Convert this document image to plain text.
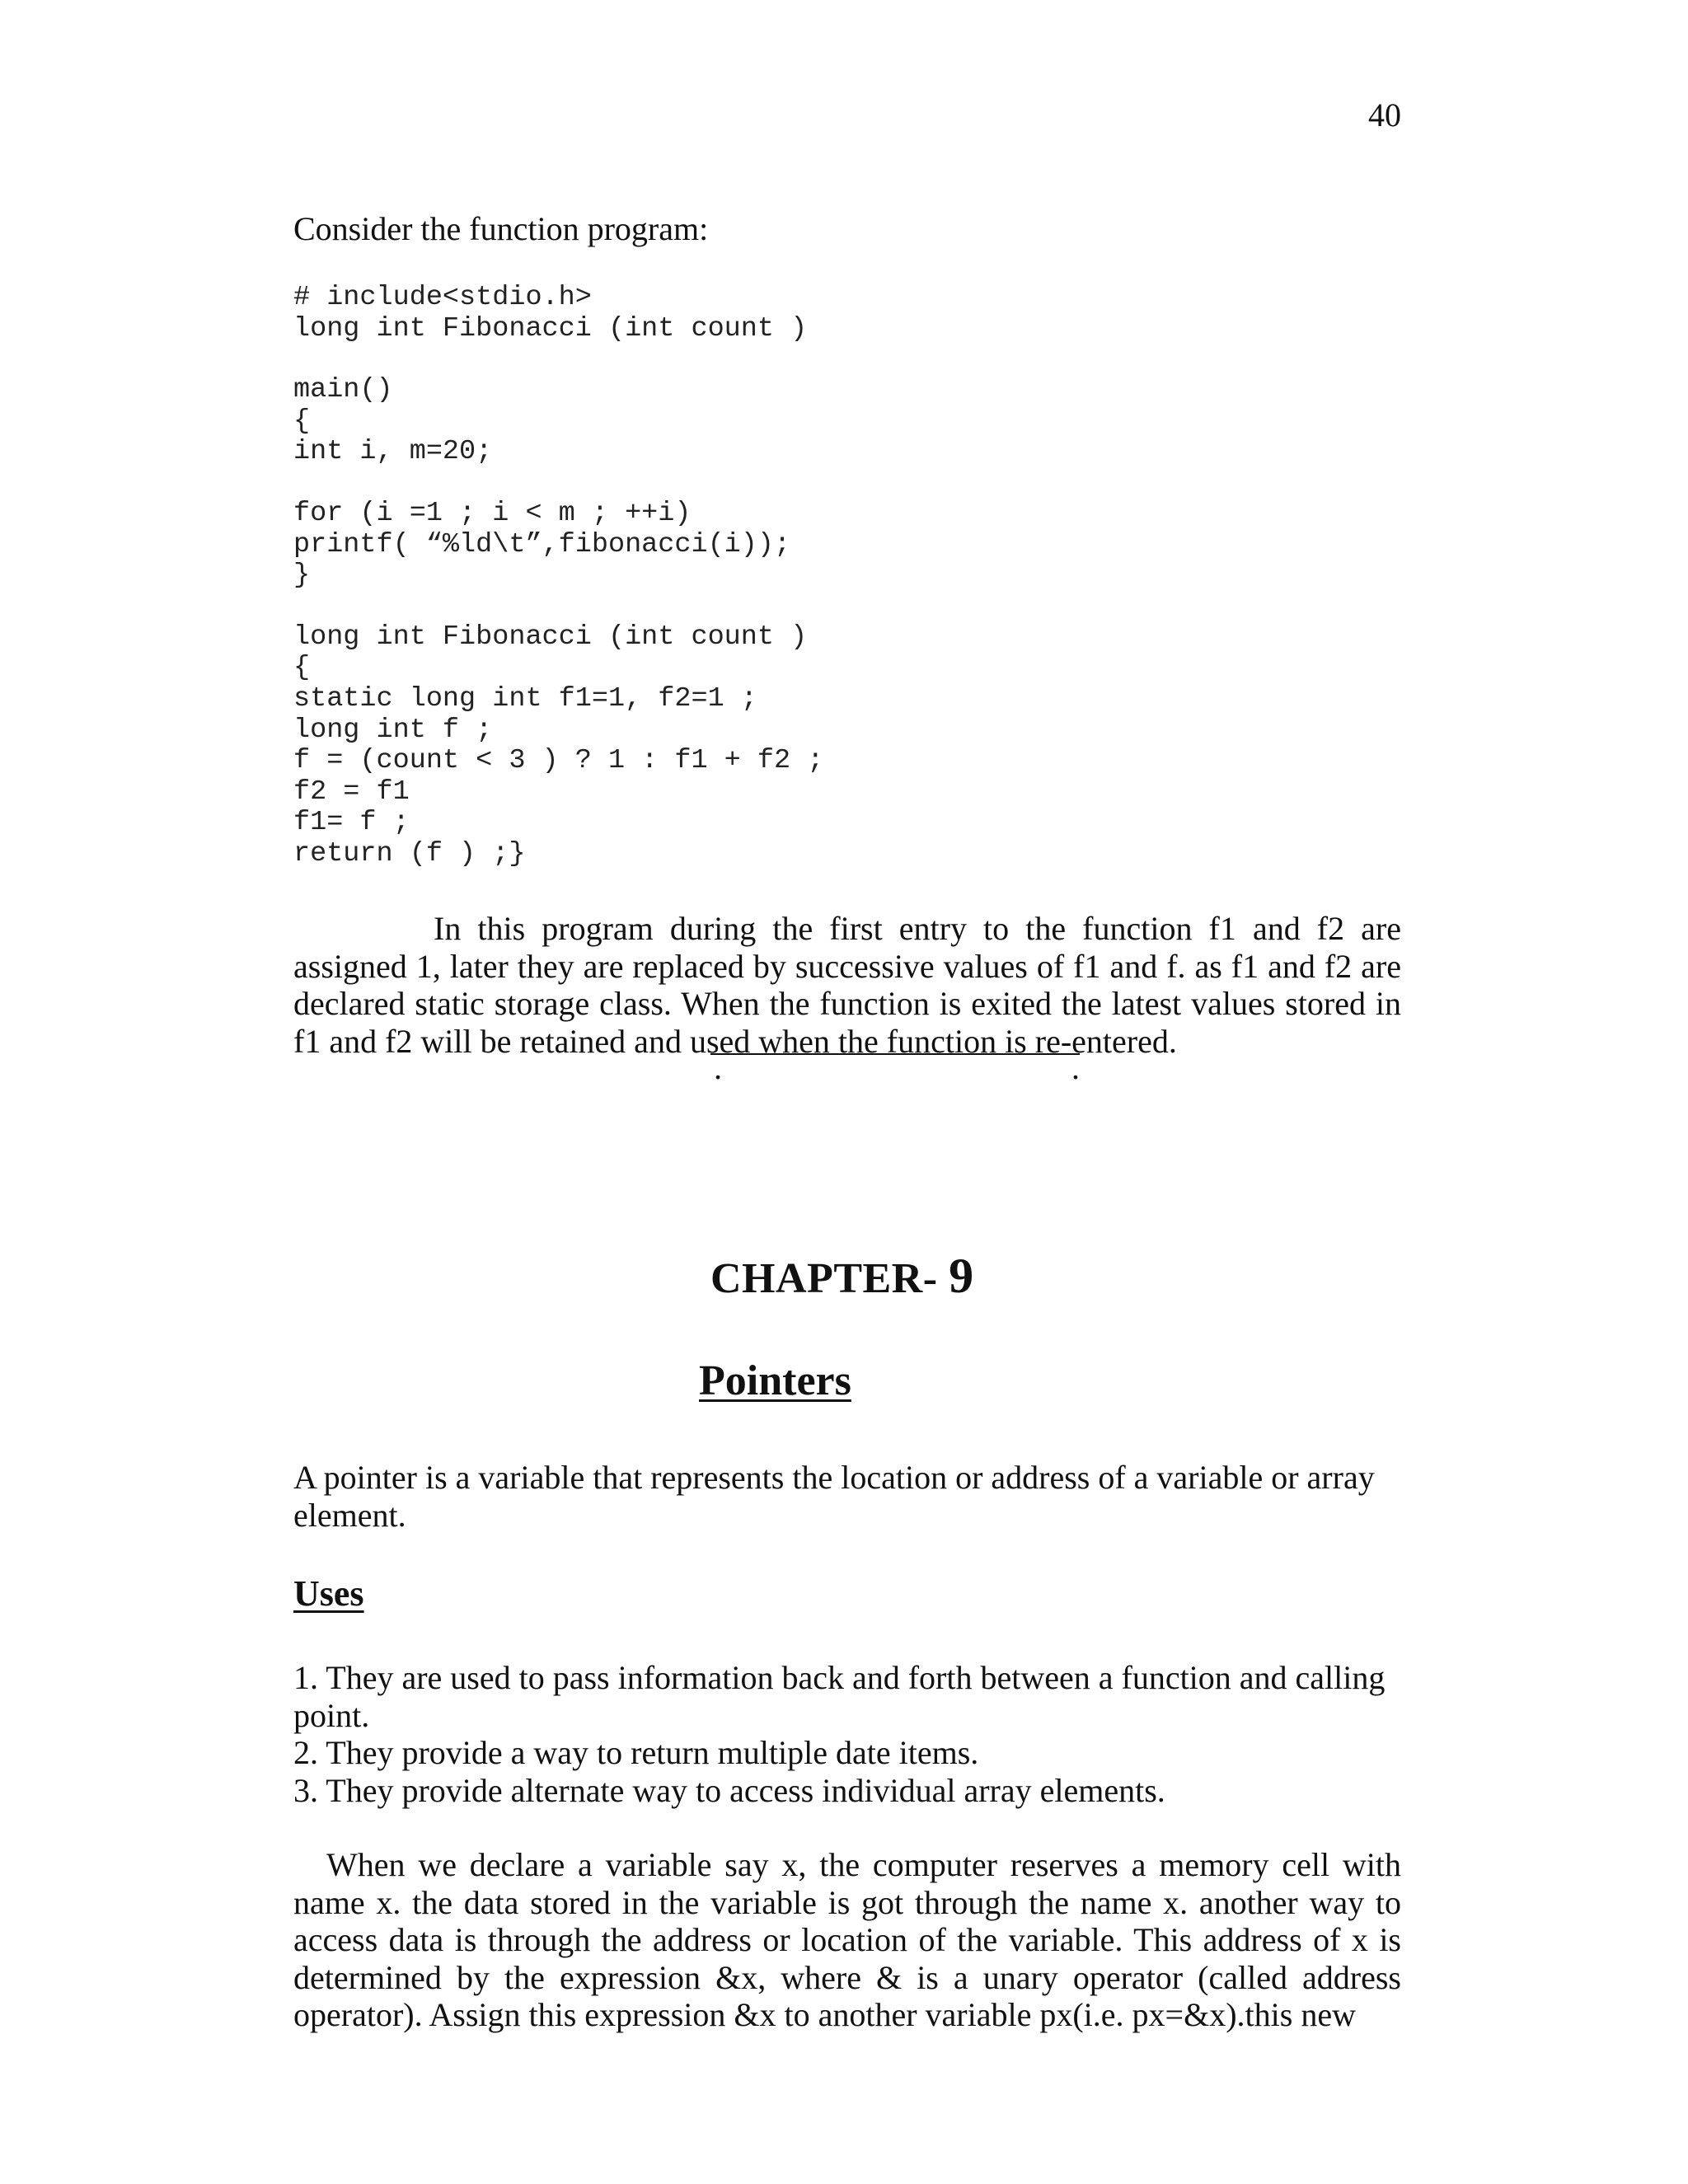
40
Consider the function program:
# include<stdio.h>
long int Fibonacci (int count )
main()
{
int i, m=20;
for (i =1 ; i < m ; ++i)
printf( “%ld\t”,fibonacci(i));
}
long int Fibonacci (int count )
{
static long int f1=1, f2=1 ;
long int f ;
f = (count < 3 ) ? 1 : f1 + f2 ;
f2 = f1
f1= f ;
return (f ) ;}
In this program during the first entry to the function f1 and f2 are assigned 1, later they are replaced by successive values of f1 and f. as f1 and f2 are declared static storage class. When the function is exited the latest values stored in f1 and f2 will be retained and used when the function is re-entered.
.	.
CHAPTER- 9
Pointers
A pointer is a variable that represents the location or address of a variable or array element.
Uses
1. They are used to pass information back and forth between a function and calling point.
2. They provide a way to return multiple date items.
3. They provide alternate way to access individual array elements.
When we declare a variable say x, the computer reserves a memory cell with name x. the data stored in the variable is got through the name x. another way to access data is through the address or location of the variable. This address of x is determined by the expression &x, where & is a unary operator (called address operator). Assign this expression &x to another variable px(i.e. px=&x).this new
